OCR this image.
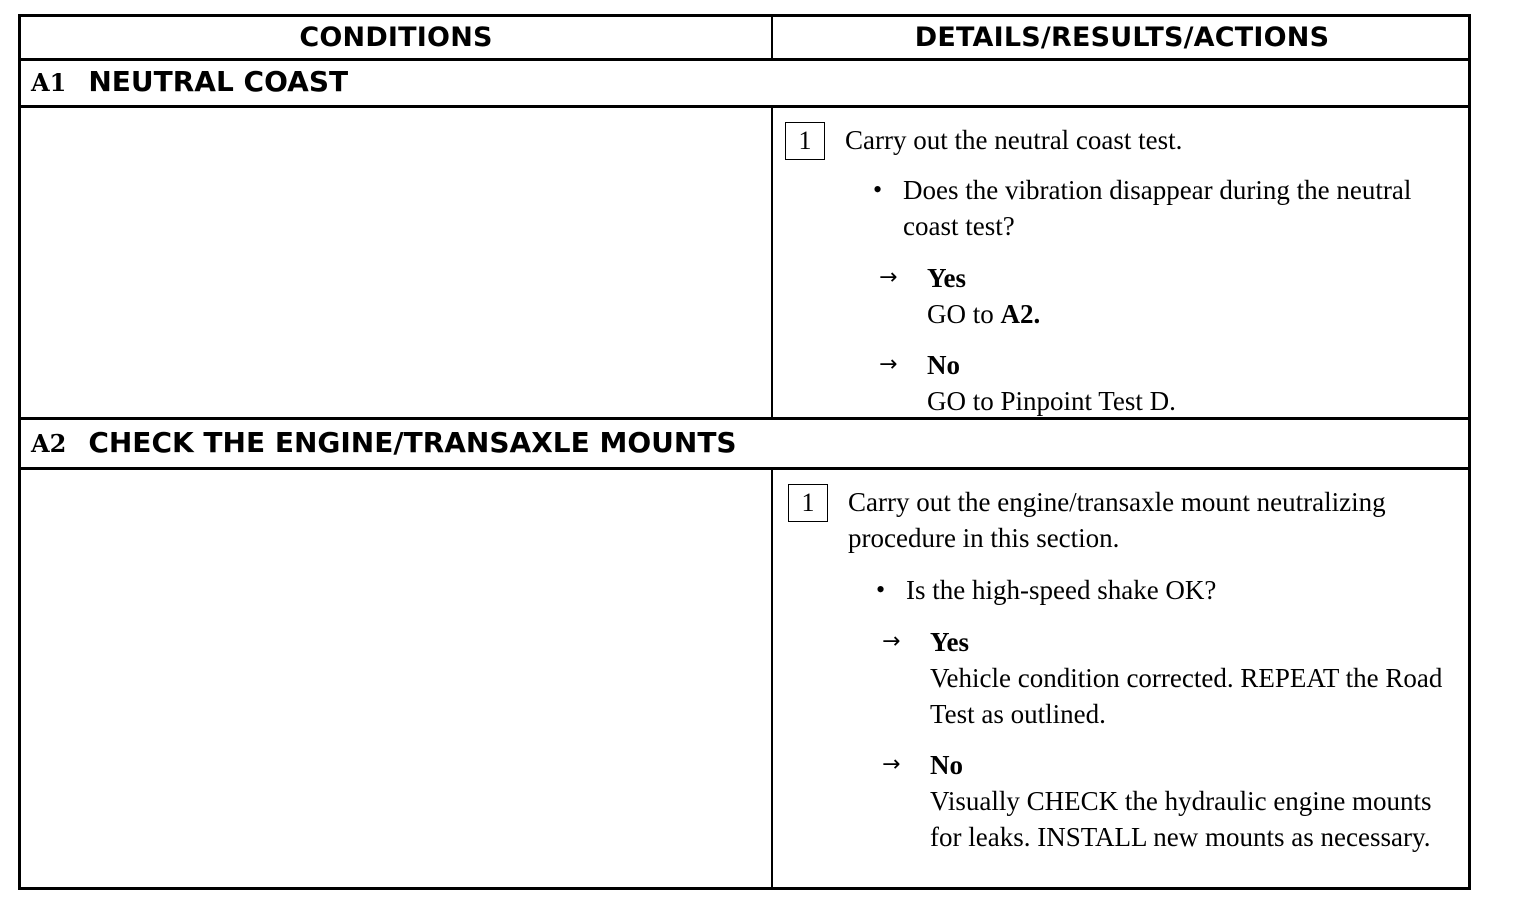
CONDITIONS	DETAILS/RESULTS/ACTIONS
A1 NEUTRAL COAST
1	Carry out the neutral coast test.
• Does the vibration disappear during the neutral coast test?
→	Yes
GO to A2.
→	No
GO to Pinpoint Test D.
A2 CHECK THE ENGINE/TRANSAXLE MOUNTS
1	Carry out the engine/transaxle mount neutralizing procedure in this section.
• Is the high-speed shake OK?
→	Yes
Vehicle condition corrected. REPEAT the Road Test as outlined.
→	No
Visually CHECK the hydraulic engine mounts for leaks. INSTALL new mounts as necessary.
